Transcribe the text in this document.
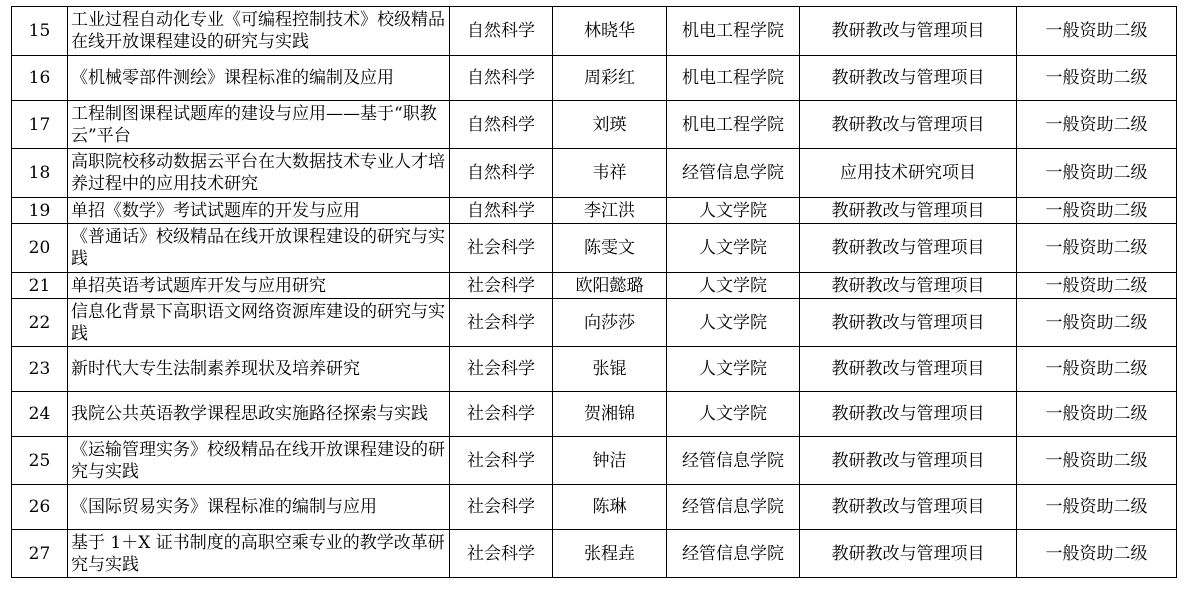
15	工业过程自动化专业《可编程控制技术》校级精品在线开放课程建设的研究与实践	自然科学	林晓华	机电工程学院	教研教改与管理项目	一般资助二级
16	《机械零部件测绘》课程标准的编制及应用	自然科学	周彩红	机电工程学院	教研教改与管理项目	一般资助二级
17	工程制图课程试题库的建设与应用——基于“职教云”平台	自然科学	刘瑛	机电工程学院	教研教改与管理项目	一般资助二级
18	高职院校移动数据云平台在大数据技术专业人才培养过程中的应用技术研究	自然科学	韦祥	经管信息学院	应用技术研究项目	一般资助二级
19	单招《数学》考试试题库的开发与应用	自然科学	李江洪	人文学院	教研教改与管理项目	一般资助二级
20	《普通话》校级精品在线开放课程建设的研究与实践	社会科学	陈雯文	人文学院	教研教改与管理项目	一般资助二级
21	单招英语考试题库开发与应用研究	社会科学	欧阳懿璐	人文学院	教研教改与管理项目	一般资助二级
22	信息化背景下高职语文网络资源库建设的研究与实践	社会科学	向莎莎	人文学院	教研教改与管理项目	一般资助二级
23	新时代大专生法制素养现状及培养研究	社会科学	张锟	人文学院	教研教改与管理项目	一般资助二级
24	我院公共英语教学课程思政实施路径探索与实践	社会科学	贺湘锦	人文学院	教研教改与管理项目	一般资助二级
25	《运输管理实务》校级精品在线开放课程建设的研究与实践	社会科学	钟洁	经管信息学院	教研教改与管理项目	一般资助二级
26	《国际贸易实务》课程标准的编制与应用	社会科学	陈琳	经管信息学院	教研教改与管理项目	一般资助二级
27	基于 1＋X 证书制度的高职空乘专业的教学改革研究与实践	社会科学	张程垚	经管信息学院	教研教改与管理项目	一般资助二级
